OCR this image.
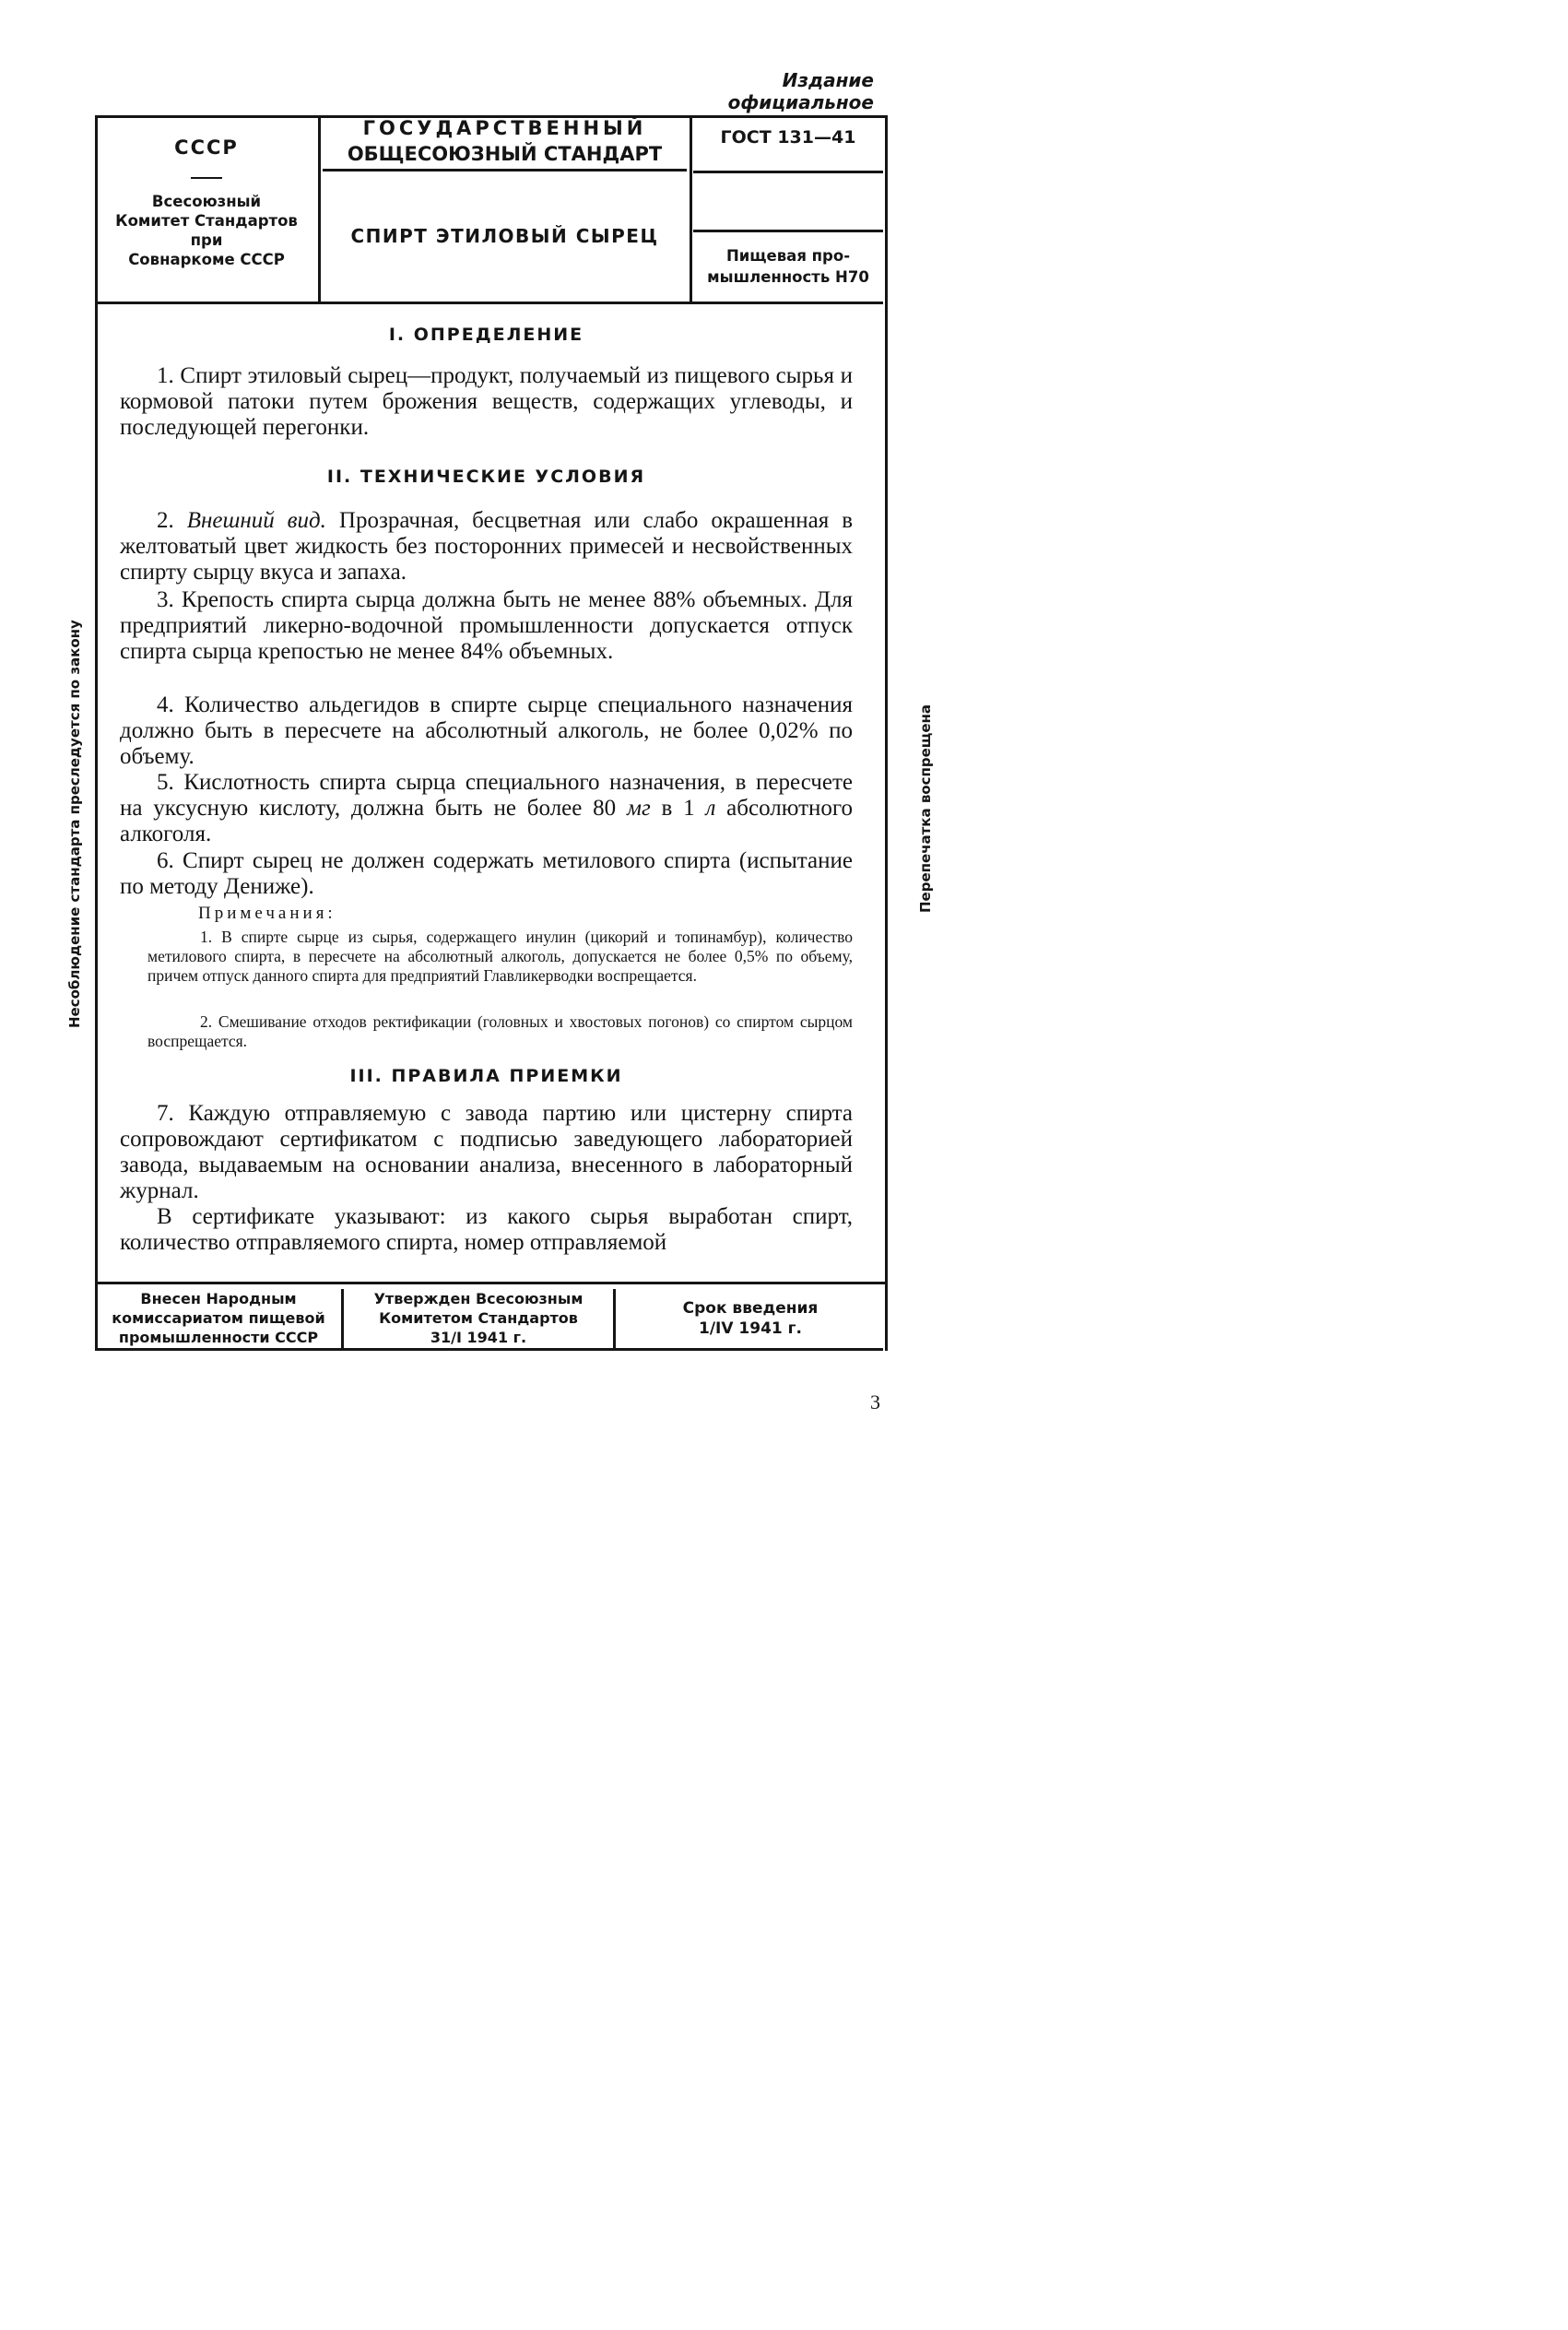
Издание официальное
ССCР
Всесоюзный
Комитет Стандартов
при
Совнаркоме СССР
ГОСУДАРСТВЕННЫЙ
ОБЩЕСОЮЗНЫЙ СТАНДАРТ
ГОСТ 131—41
СПИРТ ЭТИЛОВЫЙ СЫРЕЦ
Пищевая про-
мышленность Н70
I. ОПРЕДЕЛЕНИЕ
1. Спирт этиловый сырец—продукт, получаемый из пищевого сырья и кормовой патоки путем брожения веществ, содержащих углеводы, и последующей перегонки.
II. ТЕХНИЧЕСКИЕ УСЛОВИЯ
2. Внешний вид. Прозрачная, бесцветная или слабо окрашенная в желтоватый цвет жидкость без посторонних примесей и несвойственных спирту сырцу вкуса и запаха.
3. Крепость спирта сырца должна быть не менее 88% объемных. Для предприятий ликерно-водочной промышленности допускается отпуск спирта сырца крепостью не менее 84% объемных.
4. Количество альдегидов в спирте сырце специального назначения должно быть в пересчете на абсолютный алкоголь, не более 0,02% по объему.
5. Кислотность спирта сырца специального назначения, в пересчете на уксусную кислоту, должна быть не более 80 мг в 1 л абсолютного алкоголя.
6. Спирт сырец не должен содержать метилового спирта (испытание по методу Дениже).
Примечания:
1. В спирте сырце из сырья, содержащего инулин (цикорий и топинамбур), количество метилового спирта, в пересчете на абсолютный алкоголь, допускается не более 0,5% по объему, причем отпуск данного спирта для предприятий Главликерводки воспрещается.
2. Смешивание отходов ректификации (головных и хвостовых погонов) со спиртом сырцом воспрещается.
III. ПРАВИЛА ПРИЕМКИ
7. Каждую отправляемую с завода партию или цистерну спирта сопровождают сертификатом с подписью заведующего лабораторией завода, выдаваемым на основании анализа, внесенного в лабораторный журнал.
В сертификате указывают: из какого сырья выработан спирт, количество отправляемого спирта, номер отправляемой
Внесен Народным
комиссариатом пищевой
промышленности СССР
Утвержден Всесоюзным
Комитетом Стандартов
31/I 1941 г.
Срок введения
1/IV 1941 г.
3
Несоблюдение стандарта преследуется по закону	Перепечатка воспрещена
